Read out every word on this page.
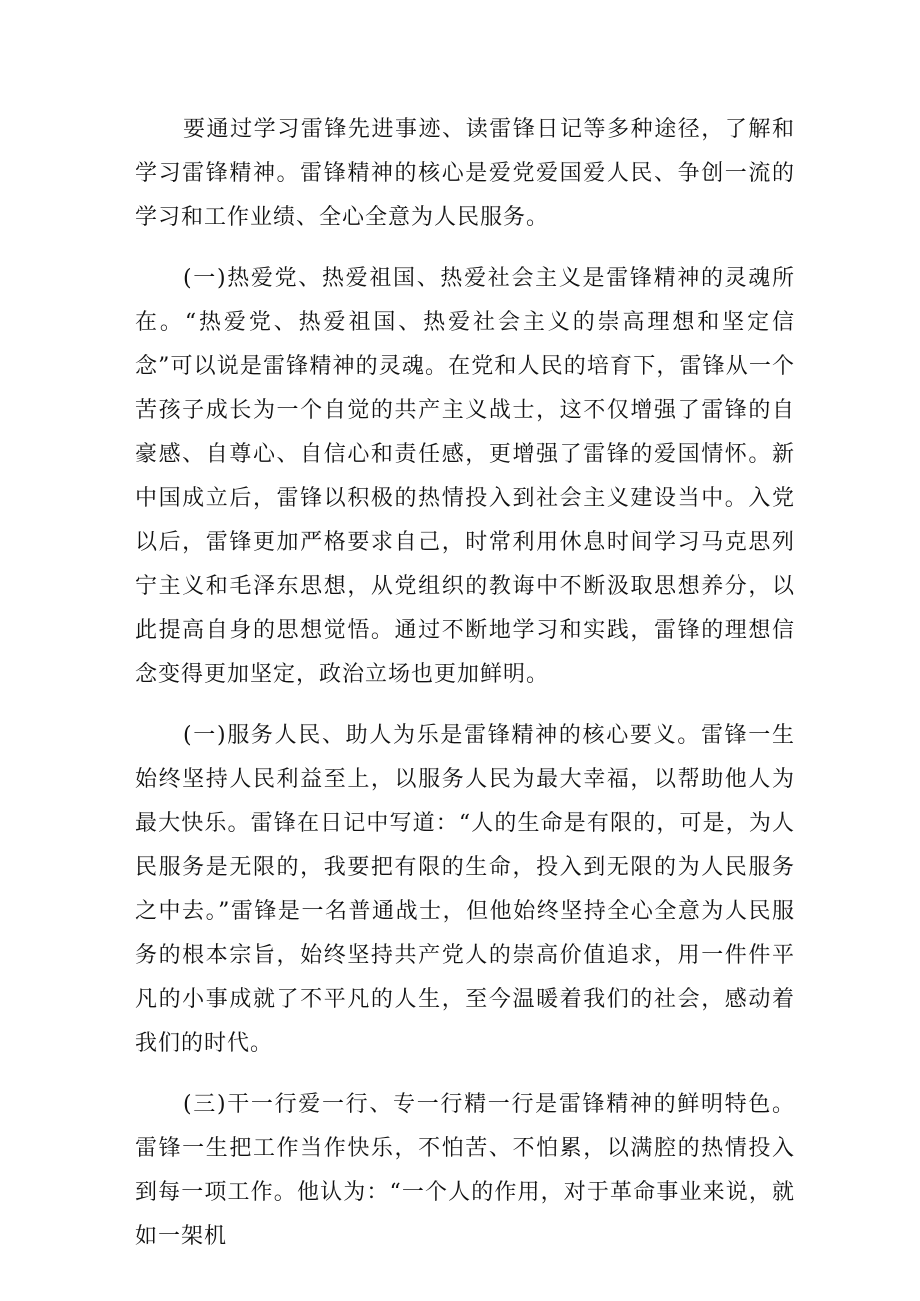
要通过学习雷锋先进事迹、读雷锋日记等多种途径，了解和学习雷锋精神。雷锋精神的核心是爱党爱国爱人民、争创一流的学习和工作业绩、全心全意为人民服务。

(一)热爱党、热爱祖国、热爱社会主义是雷锋精神的灵魂所在。“热爱党、热爱祖国、热爱社会主义的崇高理想和坚定信念”可以说是雷锋精神的灵魂。在党和人民的培育下，雷锋从一个苦孩子成长为一个自觉的共产主义战士，这不仅增强了雷锋的自豪感、自尊心、自信心和责任感，更增强了雷锋的爱国情怀。新中国成立后，雷锋以积极的热情投入到社会主义建设当中。入党以后，雷锋更加严格要求自己，时常利用休息时间学习马克思列宁主义和毛泽东思想，从党组织的教诲中不断汲取思想养分，以此提高自身的思想觉悟。通过不断地学习和实践，雷锋的理想信念变得更加坚定，政治立场也更加鲜明。

(一)服务人民、助人为乐是雷锋精神的核心要义。雷锋一生始终坚持人民利益至上，以服务人民为最大幸福，以帮助他人为最大快乐。雷锋在日记中写道：“人的生命是有限的，可是，为人民服务是无限的，我要把有限的生命，投入到无限的为人民服务之中去。”雷锋是一名普通战士，但他始终坚持全心全意为人民服务的根本宗旨，始终坚持共产党人的崇高价值追求，用一件件平凡的小事成就了不平凡的人生，至今温暖着我们的社会，感动着我们的时代。

(三)干一行爱一行、专一行精一行是雷锋精神的鲜明特色。雷锋一生把工作当作快乐，不怕苦、不怕累，以满腔的热情投入到每一项工作。他认为：“一个人的作用，对于革命事业来说，就如一架机
